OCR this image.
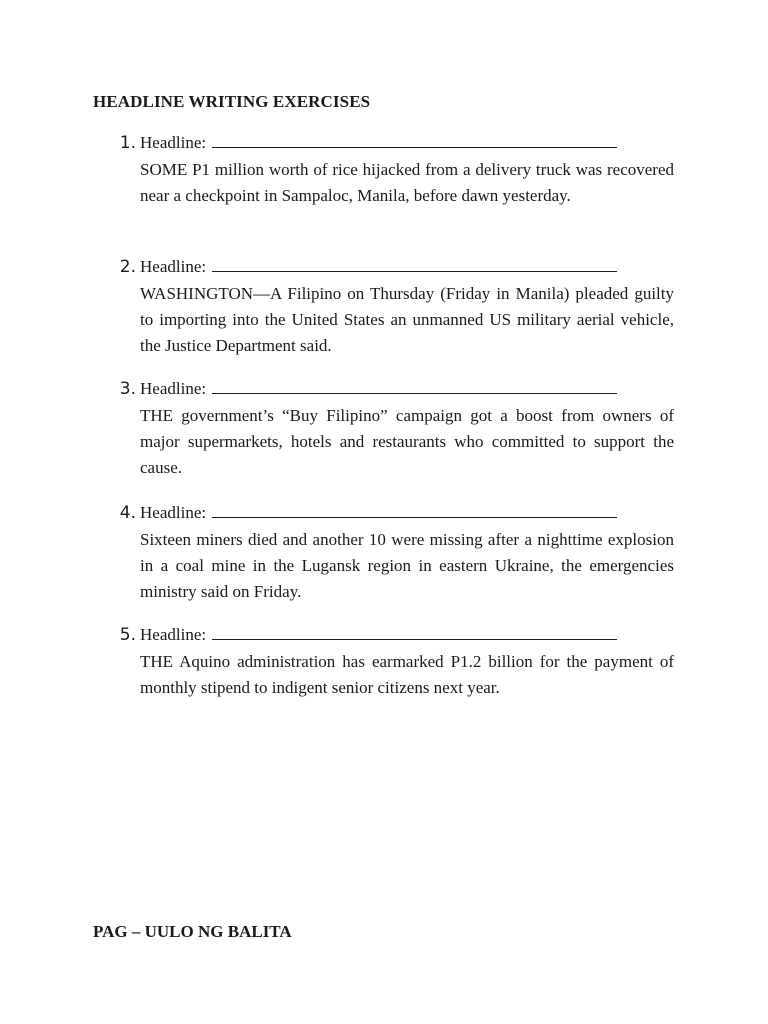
HEADLINE WRITING EXERCISES
1. Headline:

SOME P1 million worth of rice hijacked from a delivery truck was recovered near a checkpoint in Sampaloc, Manila, before dawn yesterday.

2. Headline:

WASHINGTON—A Filipino on Thursday (Friday in Manila) pleaded guilty to importing into the United States an unmanned US military aerial vehicle, the Justice Department said.

3. Headline:

THE government’s “Buy Filipino” campaign got a boost from owners of major supermarkets, hotels and restaurants who committed to support the cause.

4. Headline:

Sixteen miners died and another 10 were missing after a nighttime explosion in a coal mine in the Lugansk region in eastern Ukraine, the emergencies ministry said on Friday.

5. Headline:

THE Aquino administration has earmarked P1.2 billion for the payment of monthly stipend to indigent senior citizens next year.

PAG – UULO NG BALITA
